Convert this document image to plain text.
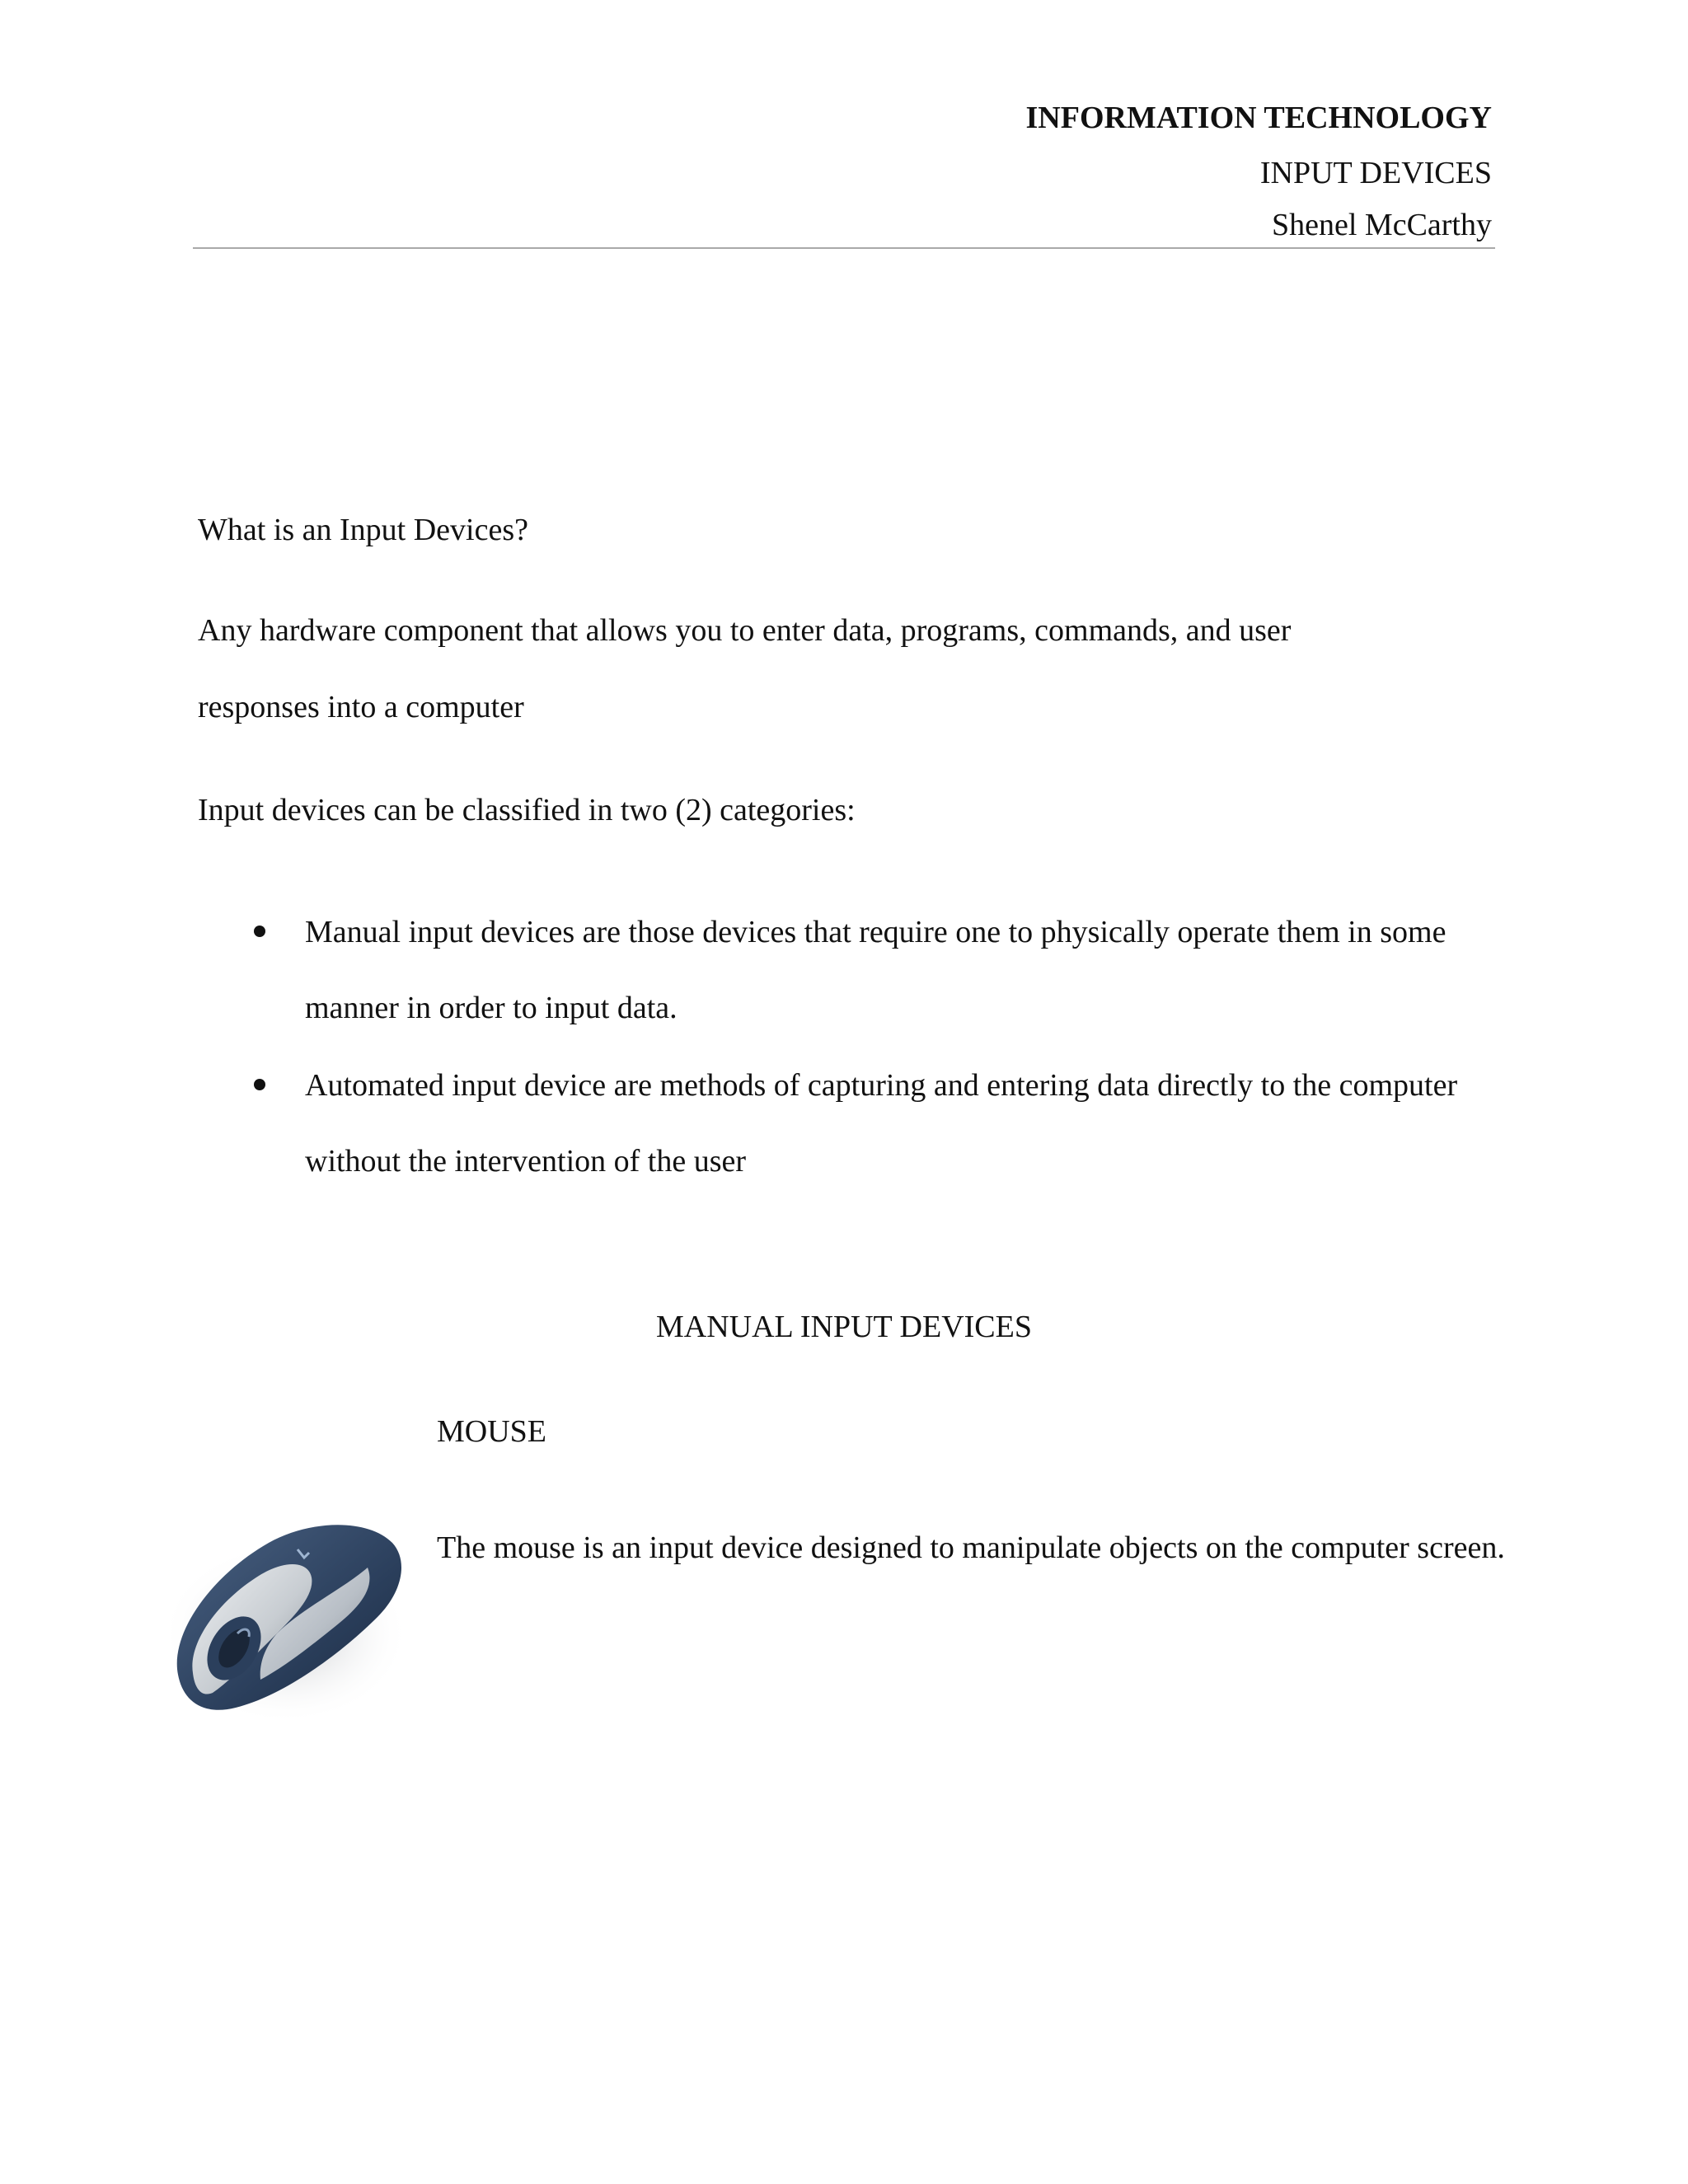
INFORMATION TECHNOLOGY
INPUT DEVICES
Shenel McCarthy
What is an Input Devices?
Any hardware component that allows you to enter data, programs, commands, and user
responses into a computer
Input devices can be classified in two (2) categories:
Manual input devices are those devices that require one to physically operate them in some manner in order to input data.
Automated input device are methods of capturing and entering data directly to the computer without the intervention of the user
MANUAL INPUT DEVICES
MOUSE
The mouse is an input device designed to manipulate objects on the computer screen.
